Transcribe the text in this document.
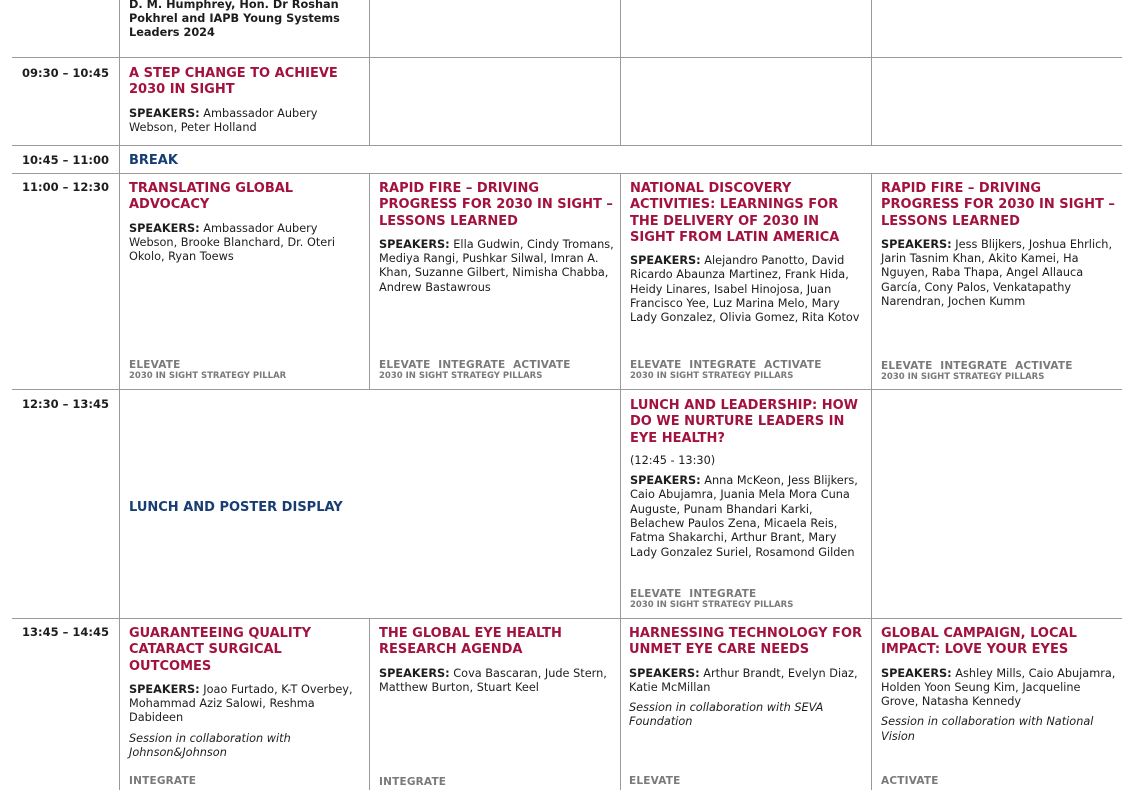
D. M. Humphrey, Hon. Dr Roshan Pokhrel and IAPB Young Systems Leaders 2024
09:30 – 10:45 A STEP CHANGE TO ACHIEVE 2030 IN SIGHT
SPEAKERS: Ambassador Aubery Webson, Peter Holland
10:45 – 11:00 BREAK
11:00 – 12:30 TRANSLATING GLOBAL ADVOCACY
SPEAKERS: Ambassador Aubery Webson, Brooke Blanchard, Dr. Oteri Okolo, Ryan Toews
ELEVATE
2030 IN SIGHT STRATEGY PILLAR
RAPID FIRE – DRIVING PROGRESS FOR 2030 IN SIGHT – LESSONS LEARNED
SPEAKERS: Ella Gudwin, Cindy Tromans, Mediya Rangi, Pushkar Silwal, Imran A. Khan, Suzanne Gilbert, Nimisha Chabba, Andrew Bastawrous
ELEVATE  INTEGRATE  ACTIVATE
2030 IN SIGHT STRATEGY PILLARS
NATIONAL DISCOVERY ACTIVITIES: LEARNINGS FOR THE DELIVERY OF 2030 IN SIGHT FROM LATIN AMERICA
SPEAKERS: Alejandro Panotto, David Ricardo Abaunza Martinez, Frank Hida, Heidy Linares, Isabel Hinojosa, Juan Francisco Yee, Luz Marina Melo, Mary Lady Gonzalez, Olivia Gomez, Rita Kotov
ELEVATE  INTEGRATE  ACTIVATE
2030 IN SIGHT STRATEGY PILLARS
RAPID FIRE – DRIVING PROGRESS FOR 2030 IN SIGHT – LESSONS LEARNED
SPEAKERS: Jess Blijkers, Joshua Ehrlich, Jarin Tasnim Khan, Akito Kamei, Ha Nguyen, Raba Thapa, Angel Allauca García, Cony Palos, Venkatapathy Narendran, Jochen Kumm
ELEVATE  INTEGRATE  ACTIVATE
2030 IN SIGHT STRATEGY PILLARS
12:30 – 13:45
LUNCH AND POSTER DISPLAY
LUNCH AND LEADERSHIP: HOW DO WE NURTURE LEADERS IN EYE HEALTH?
(12:45 - 13:30)
SPEAKERS: Anna McKeon, Jess Blijkers, Caio Abujamra, Juania Mela Mora Cuna Auguste, Punam Bhandari Karki, Belachew Paulos Zena, Micaela Reis, Fatma Shakarchi, Arthur Brant, Mary Lady Gonzalez Suriel, Rosamond Gilden
ELEVATE  INTEGRATE
2030 IN SIGHT STRATEGY PILLARS
13:45 – 14:45 GUARANTEEING QUALITY CATARACT SURGICAL OUTCOMES
SPEAKERS: Joao Furtado, K-T Overbey, Mohammad Aziz Salowi, Reshma Dabideen
Session in collaboration with Johnson&Johnson
INTEGRATE
THE GLOBAL EYE HEALTH RESEARCH AGENDA
SPEAKERS: Cova Bascaran, Jude Stern, Matthew Burton, Stuart Keel
INTEGRATE
HARNESSING TECHNOLOGY FOR UNMET EYE CARE NEEDS
SPEAKERS: Arthur Brandt, Evelyn Diaz, Katie McMillan
Session in collaboration with SEVA Foundation
ELEVATE
GLOBAL CAMPAIGN, LOCAL IMPACT: LOVE YOUR EYES
SPEAKERS: Ashley Mills, Caio Abujamra, Holden Yoon Seung Kim, Jacqueline Grove, Natasha Kennedy
Session in collaboration with National Vision
ACTIVATE
